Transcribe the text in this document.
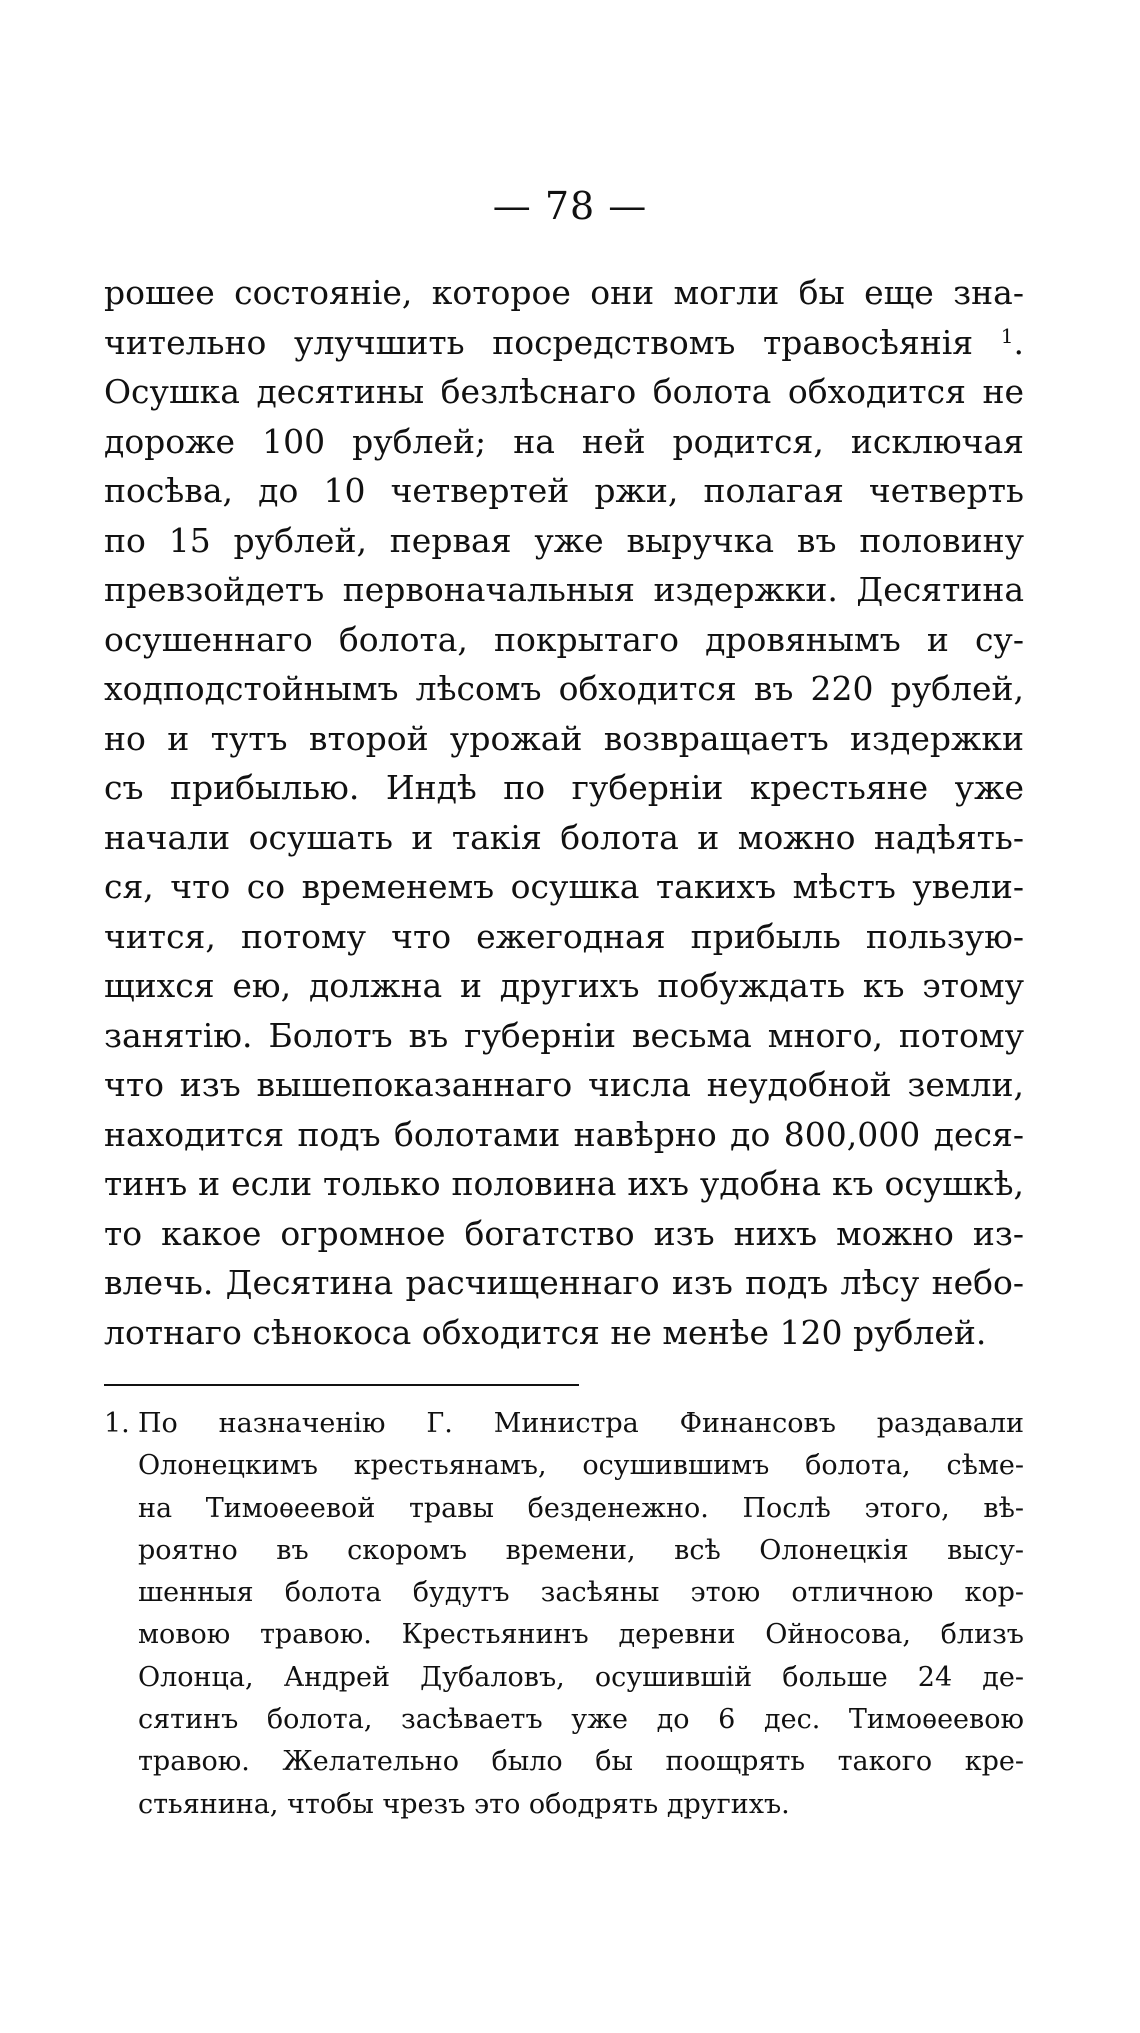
— 78 —
рошее состоянie, которое они могли бы еще зна-
чительно улучшить посредствомъ травосѣянiя $^1$.
Осушка десятины безлѣснаго болота обходится не
дороже 100 рублей; на ней родится, исключая
посѣва, до 10 четвертей ржи, полагая четверть
по 15 рублей, первая уже выручка въ половину
превзойдетъ первоначальныя издержки. Десятина
осушеннаго болота, покрытаго дровянымъ и су-
ходподстойнымъ лѣсомъ обходится въ 220 рублей,
но и тутъ второй урожай возвращаетъ издержки
съ прибылью. Индѣ по губернiи крестьяне уже
начали осушать и такiя болота и можно надѣять-
ся, что со временемъ осушка такихъ мѣстъ увели-
чится, потому что ежегодная прибыль пользую-
щихся ею, должна и другихъ побуждать къ этому
занятiю. Болотъ въ губернiи весьма много, потому
что изъ вышепоказаннаго числа неудобной земли,
находится подъ болотами навѣрно до 800,000 деся-
тинъ и если только половина ихъ удобна къ осушкѣ,
то какое огромное богатство изъ нихъ можно из-
влечь. Десятина расчищеннаго изъ подъ лѣсу небо-
лотнаго сѣнокоса обходится не менѣе 120 рублей.
1. По назначенiю Г. Министра Финансовъ раздавали
Олонецкимъ крестьянамъ, осушившимъ болота, сѣме-
на Тимоѳеевой травы безденежно. Послѣ этого, вѣ-
роятно въ скоромъ времени, всѣ Олонецкiя высу-
шенныя болота будутъ засѣяны этою отличною кор-
мовою травою. Крестьянинъ деревни Ойносова, близъ
Олонца, Андрей Дубаловъ, осушившiй больше 24 де-
сятинъ болота, засѣваетъ уже до 6 дес. Тимоѳеевою
травою. Желательно было бы поощрять такого кре-
стьянина, чтобы чрезъ это ободрять другихъ.
